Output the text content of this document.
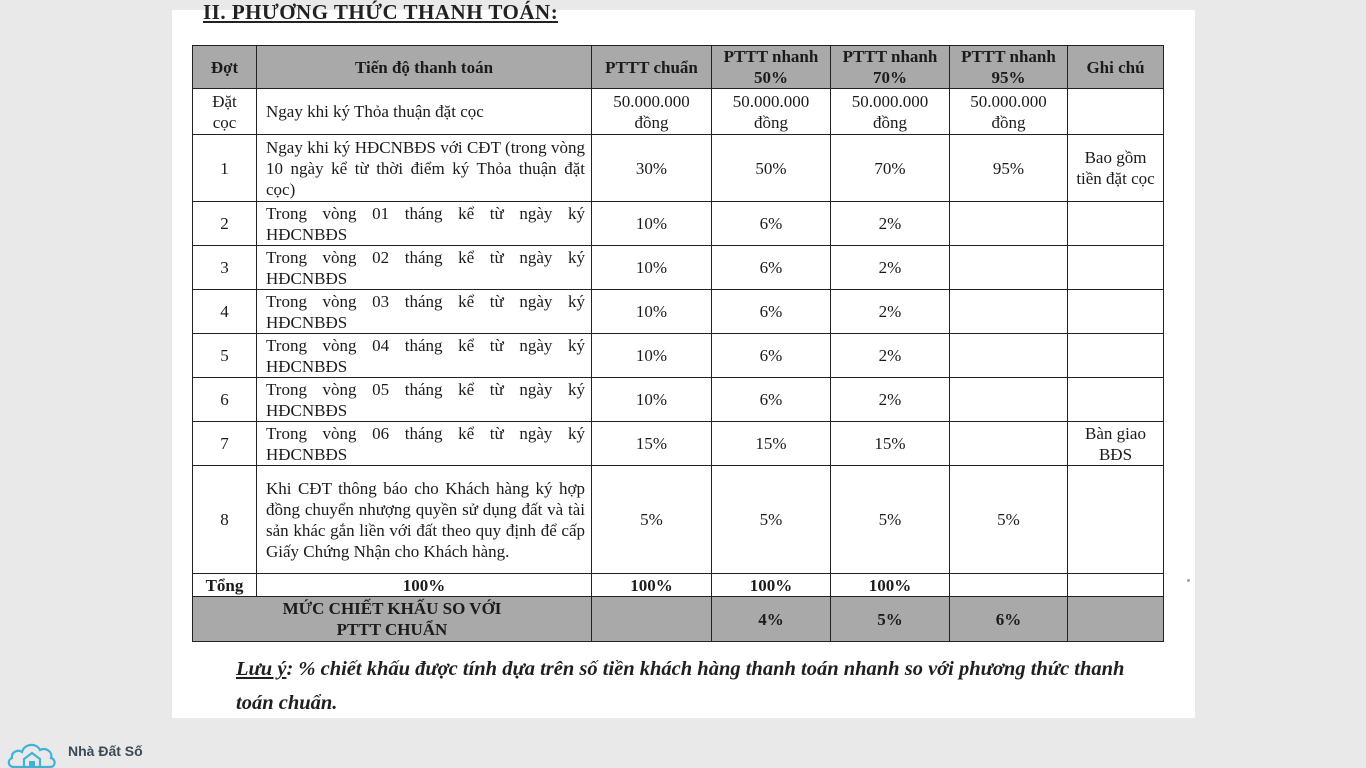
II. PHƯƠNG THỨC THANH TOÁN:
Đợt	Tiến độ thanh toán	PTTT chuẩn	PTTT nhanh 50%	PTTT nhanh 70%	PTTT nhanh 95%	Ghi chú
Đặt cọc	Ngay khi ký Thỏa thuận đặt cọc	50.000.000 đồng	50.000.000 đồng	50.000.000 đồng	50.000.000 đồng	
1	Ngay khi ký HĐCNBĐS với CĐT (trong vòng 10 ngày kể từ thời điểm ký Thỏa thuận đặt cọc)	30%	50%	70%	95%	Bao gồm tiền đặt cọc
2	Trong vòng 01 tháng kể từ ngày ký HĐCNBĐS	10%	6%	2%		
3	Trong vòng 02 tháng kể từ ngày ký HĐCNBĐS	10%	6%	2%		
4	Trong vòng 03 tháng kể từ ngày ký HĐCNBĐS	10%	6%	2%		
5	Trong vòng 04 tháng kể từ ngày ký HĐCNBĐS	10%	6%	2%		
6	Trong vòng 05 tháng kể từ ngày ký HĐCNBĐS	10%	6%	2%		
7	Trong vòng 06 tháng kể từ ngày ký HĐCNBĐS	15%	15%	15%		Bàn giao BĐS
8	Khi CĐT thông báo cho Khách hàng ký hợp đồng chuyển nhượng quyền sử dụng đất và tài sản khác gắn liền với đất theo quy định để cấp Giấy Chứng Nhận cho Khách hàng.	5%	5%	5%	5%	
Tổng	100%	100%	100%	100%		
MỨC CHIẾT KHẤU SO VỚI PTTT CHUẨN			4%	5%	6%	
Lưu ý: % chiết khấu được tính dựa trên số tiền khách hàng thanh toán nhanh so với phương thức thanh toán chuẩn.
Nhà Đất Số
